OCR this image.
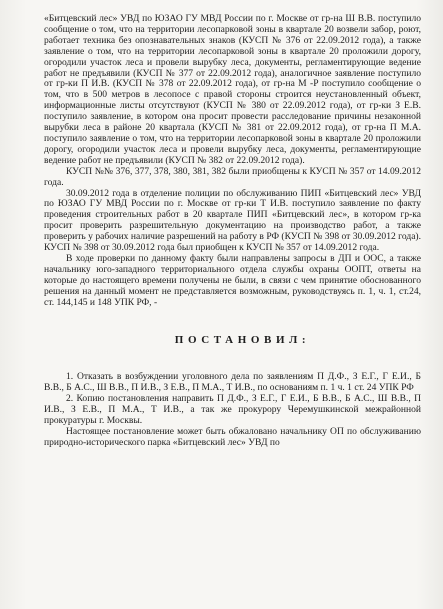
«Битцевский лес» УВД по ЮЗАО ГУ МВД России по г. Москве от гр-на Ш В.В. поступило сообщение о том, что на территории лесопарковой зоны в квартале 20 возвели забор, роют, работает техника без опознавательных знаков (КУСП № 376 от 22.09.2012 года), а также заявление о том, что на территории лесопарковой зоны в квартале 20 проложили дорогу, огородили участок леса и провели вырубку леса, документы, регламентирующие ведение работ не предъявили (КУСП № 377 от 22.09.2012 года), аналогичное заявление поступило от гр-ки П И.В. (КУСП № 378 от 22.09.2012 года), от гр-на М -Р поступило сообщение о том, что в 500 метров в лесопосе с правой стороны строится неустановленный объект, информационные листы отсутствуют (КУСП № 380 от 22.09.2012 года), от гр-ки З Е.В. поступило заявление, в котором она просит провести расследование причины незаконной вырубки леса в районе 20 квартала (КУСП № 381 от 22.09.2012 года), от гр-на П М.А. поступило заявление о том, что на территории лесопарковой зоны в квартале 20 проложили дорогу, огородили участок леса и провели вырубку леса, документы, регламентирующие ведение работ не предъявили (КУСП № 382 от 22.09.2012 года).

КУСП №№ 376, 377, 378, 380, 381, 382 были приобщены к КУСП № 357 от 14.09.2012 года.

30.09.2012 года в отделение полиции по обслуживанию ПИП «Битцевский лес» УВД по ЮЗАО ГУ МВД России по г. Москве от гр-ки Т И.В. поступило заявление по факту проведения строительных работ в 20 квартале ПИП «Битцевский лес», в котором гр-ка просит проверить разрешительную документацию на производство работ, а также проверить у рабочих наличие разрешений на работу в РФ (КУСП № 398 от 30.09.2012 года). КУСП № 398 от 30.09.2012 года был приобщен к КУСП № 357 от 14.09.2012 года.

В ходе проверки по данному факту были направлены запросы в ДП и ООС, а также начальнику юго-западного территориального отдела службы охраны ООПТ, ответы на которые до настоящего времени получены не были, в связи с чем принятие обоснованного решения на данный момент не представляется возможным, руководствуясь п. 1, ч. 1, ст.24, ст. 144,145 и 148 УПК РФ, -

ПОСТАНОВИЛ:

1. Отказать в возбуждении уголовного дела по заявлениям П Д.Ф., З Е.Г., Г Е.И., Б В.В., Б А.С., Ш В.В., П И.В., З Е.В., П М.А., Т И.В., по основаниям п. 1 ч. 1 ст. 24 УПК РФ

2. Копию постановления направить П Д.Ф., З Е.Г., Г Е.И., Б В.В., Б А.С., Ш В.В., П И.В., З Е.В., П М.А., Т И.В., а так же прокурору Черемушкинской межрайонной прокуратуры г. Москвы.

Настоящее постановление может быть обжаловано начальнику ОП по обслуживанию природно-исторического парка «Битцевский лес» УВД по
